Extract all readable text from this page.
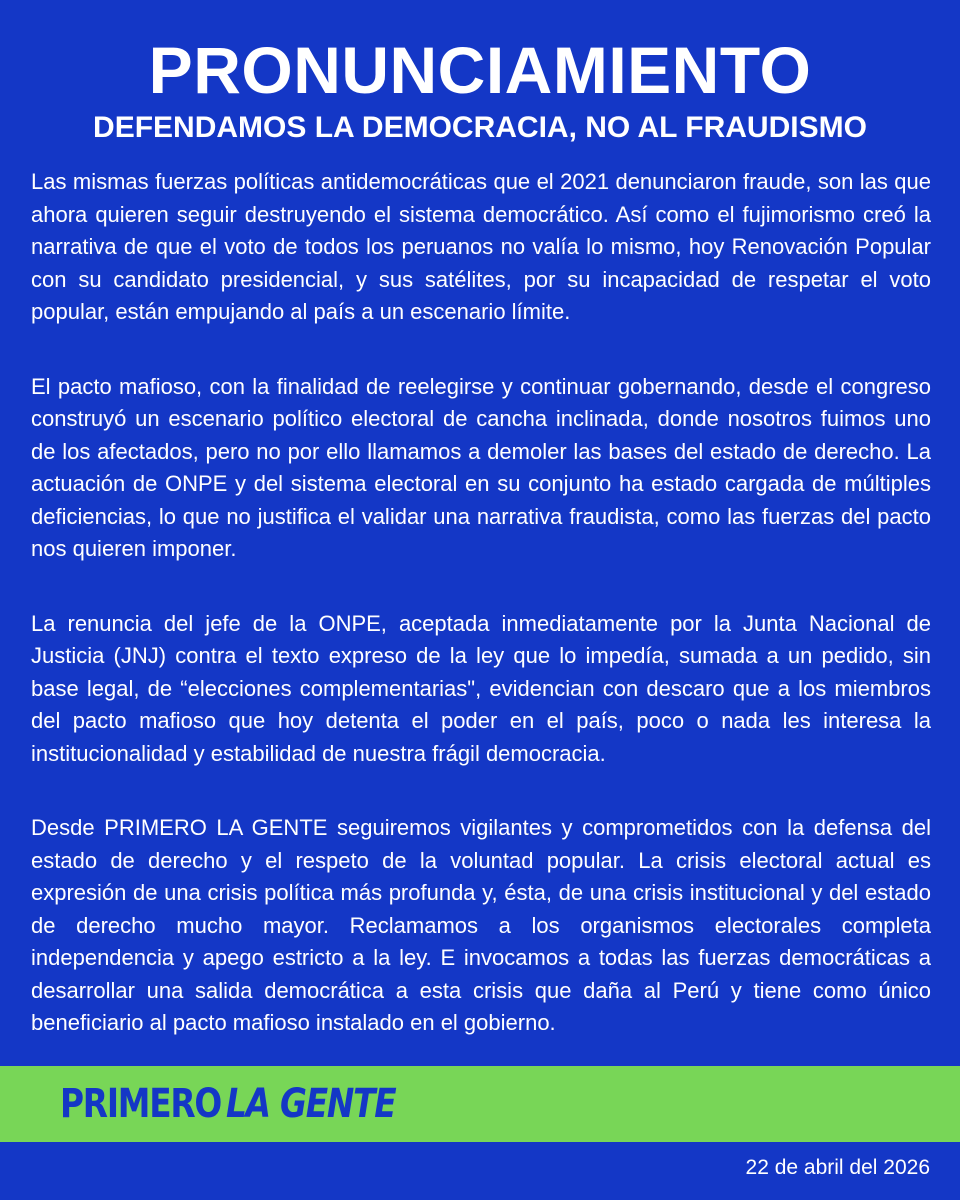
PRONUNCIAMIENTO
DEFENDAMOS LA DEMOCRACIA, NO AL FRAUDISMO

Las mismas fuerzas políticas antidemocráticas que el 2021 denunciaron fraude, son las que ahora quieren seguir destruyendo el sistema democrático. Así como el fujimorismo creó la narrativa de que el voto de todos los peruanos no valía lo mismo, hoy Renovación Popular con su candidato presidencial, y sus satélites, por su incapacidad de respetar el voto popular, están empujando al país a un escenario límite.

El pacto mafioso, con la finalidad de reelegirse y continuar gobernando, desde el congreso construyó un escenario político electoral de cancha inclinada, donde nosotros fuimos uno de los afectados, pero no por ello llamamos a demoler las bases del estado de derecho. La actuación de ONPE y del sistema electoral en su conjunto ha estado cargada de múltiples deficiencias, lo que no justifica el validar una narrativa fraudista, como las fuerzas del pacto nos quieren imponer.

La renuncia del jefe de la ONPE, aceptada inmediatamente por la Junta Nacional de Justicia (JNJ) contra el texto expreso de la ley que lo impedía, sumada a un pedido, sin base legal, de “elecciones complementarias", evidencian con descaro que a los miembros del pacto mafioso que hoy detenta el poder en el país, poco o nada les interesa la institucionalidad y estabilidad de nuestra frágil democracia.

Desde PRIMERO LA GENTE seguiremos vigilantes y comprometidos con la defensa del estado de derecho y el respeto de la voluntad popular. La crisis electoral actual es expresión de una crisis política más profunda y, ésta, de una crisis institucional y del estado de derecho mucho mayor. Reclamamos a los organismos electorales completa independencia y apego estricto a la ley. E invocamos a todas las fuerzas democráticas a desarrollar una salida democrática a esta crisis que daña al Perú y tiene como único beneficiario al pacto mafioso instalado en el gobierno.

PRIMERO LA GENTE
22 de abril del 2026
